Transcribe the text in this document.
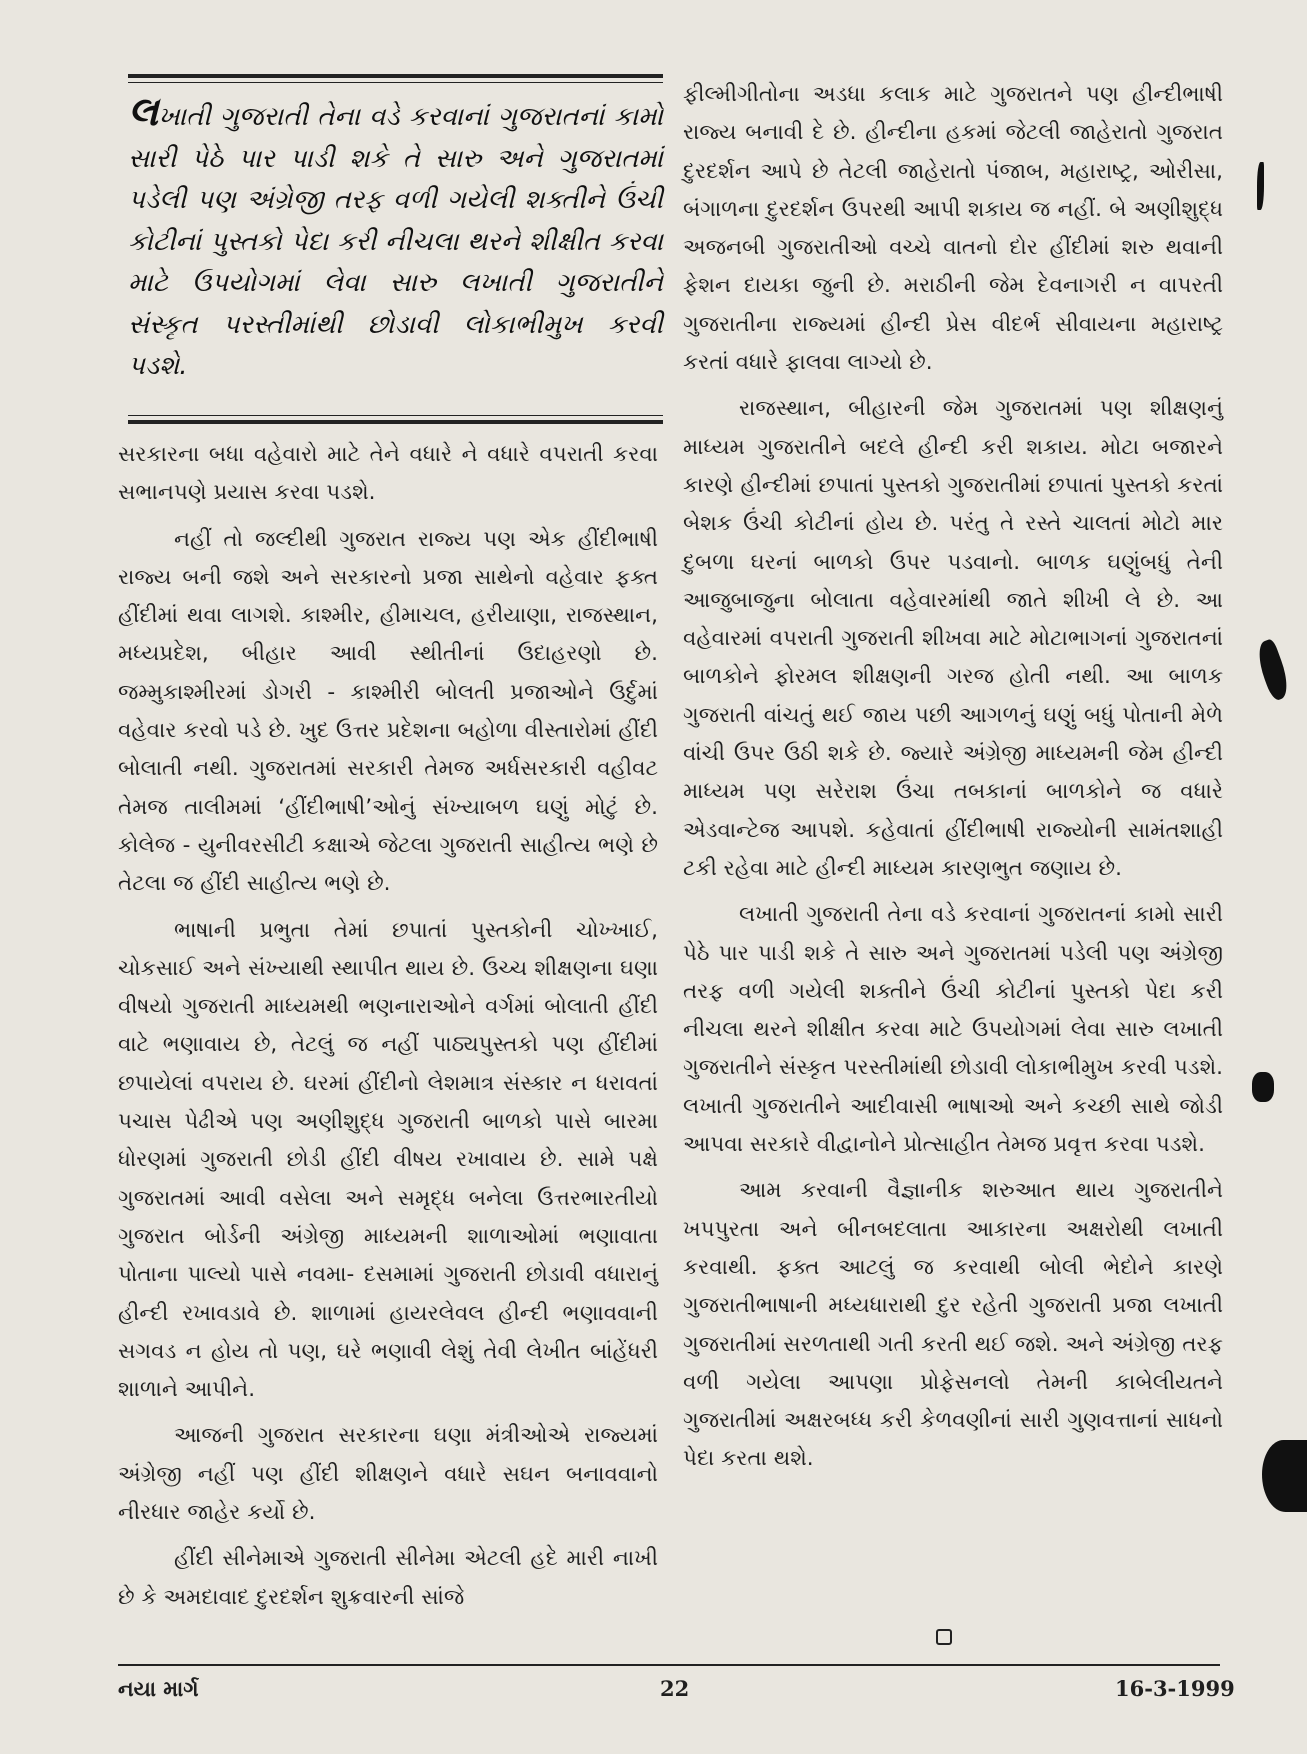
લખાતી ગુજરાતી તેના વડે કરવાનાં ગુજરાતનાં કામો સારી પેઠે પાર પાડી શકે તે સારુ અને ગુજરાતમાં પડેલી પણ અંગ્રેજી તરફ વળી ગયેલી શક્તીને ઉંચી કોટીનાં પુસ્તકો પેદા કરી નીચલા થરને શીક્ષીત કરવા માટે ઉપયોગમાં લેવા સારુ લખાતી ગુજરાતીને સંસ્કૃત પરસ્તીમાંથી છોડાવી લોકાભીમુખ કરવી પડશે.

સરકારના બધા વહેવારો માટે તેને વધારે ને વધારે વપરાતી કરવા સભાનપણે પ્રયાસ કરવા પડશે.

નહીં તો જલ્દીથી ગુજરાત રાજ્ય પણ એક હીંદીભાષી રાજ્ય બની જશે અને સરકારનો પ્રજા સાથેનો વહેવાર ફક્ત હીંદીમાં થવા લાગશે. કાશ્મીર, હીમાચલ, હરીયાણા, રાજસ્થાન, મધ્યપ્રદેશ, બીહાર આવી સ્થીતીનાં ઉદાહરણો છે. જમ્મુકાશ્મીરમાં ડોગરી - કાશ્મીરી બોલતી પ્રજાઓને ઉર્દુમાં વહેવાર કરવો પડે છે. ખુદ ઉત્તર પ્રદેશના બહોળા વીસ્તારોમાં હીંદી બોલાતી નથી. ગુજરાતમાં સરકારી તેમજ અર્ધસરકારી વહીવટ તેમજ તાલીમમાં ‘હીંદીભાષી’ઓનું સંખ્યાબળ ઘણું મોટું છે. કોલેજ - યુનીવરસીટી કક્ષાએ જેટલા ગુજરાતી સાહીત્ય ભણે છે તેટલા જ હીંદી સાહીત્ય ભણે છે.

ભાષાની પ્રભુતા તેમાં છપાતાં પુસ્તકોની ચોખ્ખાઈ, ચોકસાઈ અને સંખ્યાથી સ્થાપીત થાય છે. ઉચ્ચ શીક્ષણના ઘણા વીષયો ગુજરાતી માધ્યમથી ભણનારાઓને વર્ગમાં બોલાતી હીંદી વાટે ભણાવાય છે, તેટલું જ નહીં પાઠ્યપુસ્તકો પણ હીંદીમાં છપાયેલાં વપરાય છે. ઘરમાં હીંદીનો લેશમાત્ર સંસ્કાર ન ધરાવતાં પચાસ પેઢીએ પણ અણીશુદ્ધ ગુજરાતી બાળકો પાસે બારમા ધોરણમાં ગુજરાતી છોડી હીંદી વીષય રખાવાય છે. સામે પક્ષે ગુજરાતમાં આવી વસેલા અને સમૃદ્ધ બનેલા ઉત્તરભારતીયો ગુજરાત બોર્ડની અંગ્રેજી માધ્યમની શાળાઓમાં ભણાવાતા પોતાના પાલ્યો પાસે નવમા- દસમામાં ગુજરાતી છોડાવી વધારાનું હીન્દી રખાવડાવે છે. શાળામાં હાયરલેવલ હીન્દી ભણાવવાની સગવડ ન હોય તો પણ, ઘરે ભણાવી લેશું તેવી લેખીત બાંહેંધરી શાળાને આપીને.

આજની ગુજરાત સરકારના ઘણા મંત્રીઓએ રાજ્યમાં અંગ્રેજી નહીં પણ હીંદી શીક્ષણને વધારે સઘન બનાવવાનો નીરધાર જાહેર કર્યો છે.

હીંદી સીનેમાએ ગુજરાતી સીનેમા એટલી હદે મારી નાખી છે કે અમદાવાદ દુરદર્શન શુક્રવારની સાંજે

ફીલ્મીગીતોના અડધા કલાક માટે ગુજરાતને પણ હીન્દીભાષી રાજ્ય બનાવી દે છે. હીન્દીના હકમાં જેટલી જાહેરાતો ગુજરાત દુરદર્શન આપે છે તેટલી જાહેરાતો પંજાબ, મહારાષ્ટ્ર, ઓરીસા, બંગાળના દુરદર્શન ઉપરથી આપી શકાય જ નહીં. બે અણીશુદ્ધ અજનબી ગુજરાતીઓ વચ્ચે વાતનો દોર હીંદીમાં શરુ થવાની ફેશન દાયકા જુની છે. મરાઠીની જેમ દેવનાગરી ન વાપરતી ગુજરાતીના રાજ્યમાં હીન્દી પ્રેસ વીદર્ભ સીવાયના મહારાષ્ટ્ર કરતાં વધારે ફાલવા લાગ્યો છે.

રાજસ્થાન, બીહારની જેમ ગુજરાતમાં પણ શીક્ષણનું માધ્યમ ગુજરાતીને બદલે હીન્દી કરી શકાય. મોટા બજારને કારણે હીન્દીમાં છપાતાં પુસ્તકો ગુજરાતીમાં છપાતાં પુસ્તકો કરતાં બેશક ઉંચી કોટીનાં હોય છે. પરંતુ તે રસ્તે ચાલતાં મોટો માર દુબળા ઘરનાં બાળકો ઉપર પડવાનો. બાળક ઘણુંબધું તેની આજુબાજુના બોલાતા વહેવારમાંથી જાતે શીખી લે છે. આ વહેવારમાં વપરાતી ગુજરાતી શીખવા માટે મોટાભાગનાં ગુજરાતનાં બાળકોને ફોરમલ શીક્ષણની ગરજ હોતી નથી. આ બાળક ગુજરાતી વાંચતું થઈ જાય પછી આગળનું ઘણું બધું પોતાની મેળે વાંચી ઉપર ઉઠી શકે છે. જ્યારે અંગ્રેજી માધ્યમની જેમ હીન્દી માધ્યમ પણ સરેરાશ ઉંચા તબકાનાં બાળકોને જ વધારે એડવાન્ટેજ આપશે. કહેવાતાં હીંદીભાષી રાજ્યોની સામંતશાહી ટકી રહેવા માટે હીન્દી માધ્યમ કારણભુત જણાય છે.

લખાતી ગુજરાતી તેના વડે કરવાનાં ગુજરાતનાં કામો સારી પેઠે પાર પાડી શકે તે સારુ અને ગુજરાતમાં પડેલી પણ અંગ્રેજી તરફ વળી ગયેલી શક્તીને ઉંચી કોટીનાં પુસ્તકો પેદા કરી નીચલા થરને શીક્ષીત કરવા માટે ઉપયોગમાં લેવા સારુ લખાતી ગુજરાતીને સંસ્કૃત પરસ્તીમાંથી છોડાવી લોકાભીમુખ કરવી પડશે. લખાતી ગુજરાતીને આદીવાસી ભાષાઓ અને કચ્છી સાથે જોડી આપવા સરકારે વીદ્વાનોને પ્રોત્સાહીત તેમજ પ્રવૃત્ત કરવા પડશે.

આમ કરવાની વૈજ્ઞાનીક શરુઆત થાય ગુજરાતીને ખપપુરતા અને બીનબદલાતા આકારના અક્ષરોથી લખાતી કરવાથી. ફક્ત આટલું જ કરવાથી બોલી ભેદોને કારણે ગુજરાતીભાષાની મધ્યધારાથી દુર રહેતી ગુજરાતી પ્રજા લખાતી ગુજરાતીમાં સરળતાથી ગતી કરતી થઈ જશે. અને અંગ્રેજી તરફ વળી ગયેલા આપણા પ્રોફેસનલો તેમની કાબેલીયતને ગુજરાતીમાં અક્ષરબધ્ધ કરી કેળવણીનાં સારી ગુણવત્તાનાં સાધનો પેદા કરતા થશે.

નયા માર્ગ	22	16-3-1999
